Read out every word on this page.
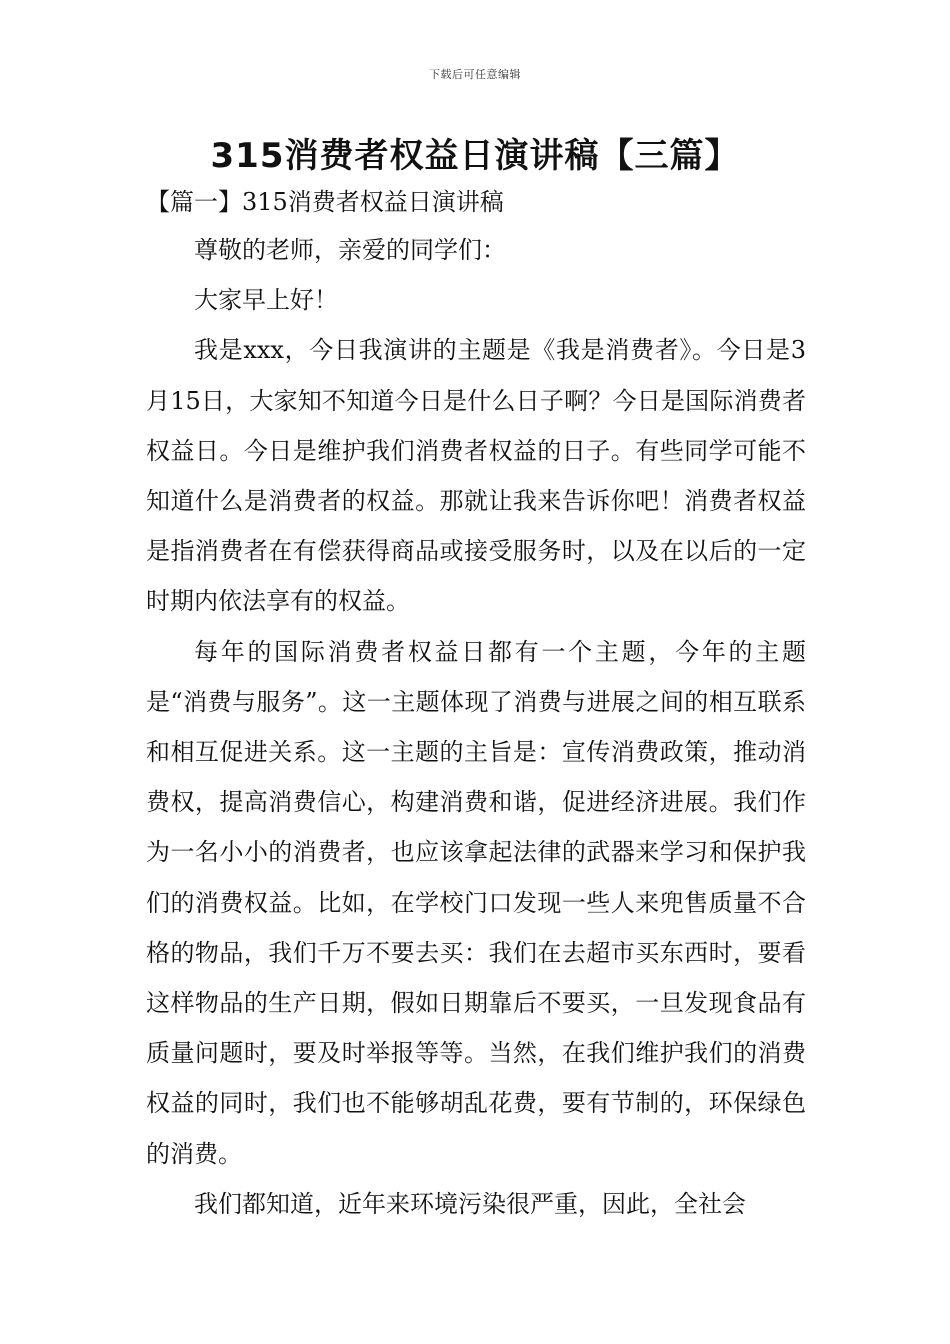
下载后可任意编辑
315消费者权益日演讲稿【三篇】
【篇一】315消费者权益日演讲稿

尊敬的老师，亲爱的同学们：

大家早上好！

我是xxx，今日我演讲的主题是《我是消费者》。今日是3月15日，大家知不知道今日是什么日子啊？今日是国际消费者权益日。今日是维护我们消费者权益的日子。有些同学可能不知道什么是消费者的权益。那就让我来告诉你吧！消费者权益是指消费者在有偿获得商品或接受服务时，以及在以后的一定时期内依法享有的权益。

每年的国际消费者权益日都有一个主题，今年的主题是“消费与服务”。这一主题体现了消费与进展之间的相互联系和相互促进关系。这一主题的主旨是：宣传消费政策，推动消费权，提高消费信心，构建消费和谐，促进经济进展。我们作为一名小小的消费者，也应该拿起法律的武器来学习和保护我们的消费权益。比如，在学校门口发现一些人来兜售质量不合格的物品，我们千万不要去买：我们在去超市买东西时，要看这样物品的生产日期，假如日期靠后不要买，一旦发现食品有质量问题时，要及时举报等等。当然，在我们维护我们的消费权益的同时，我们也不能够胡乱花费，要有节制的，环保绿色的消费。

我们都知道，近年来环境污染很严重，因此，全社会
